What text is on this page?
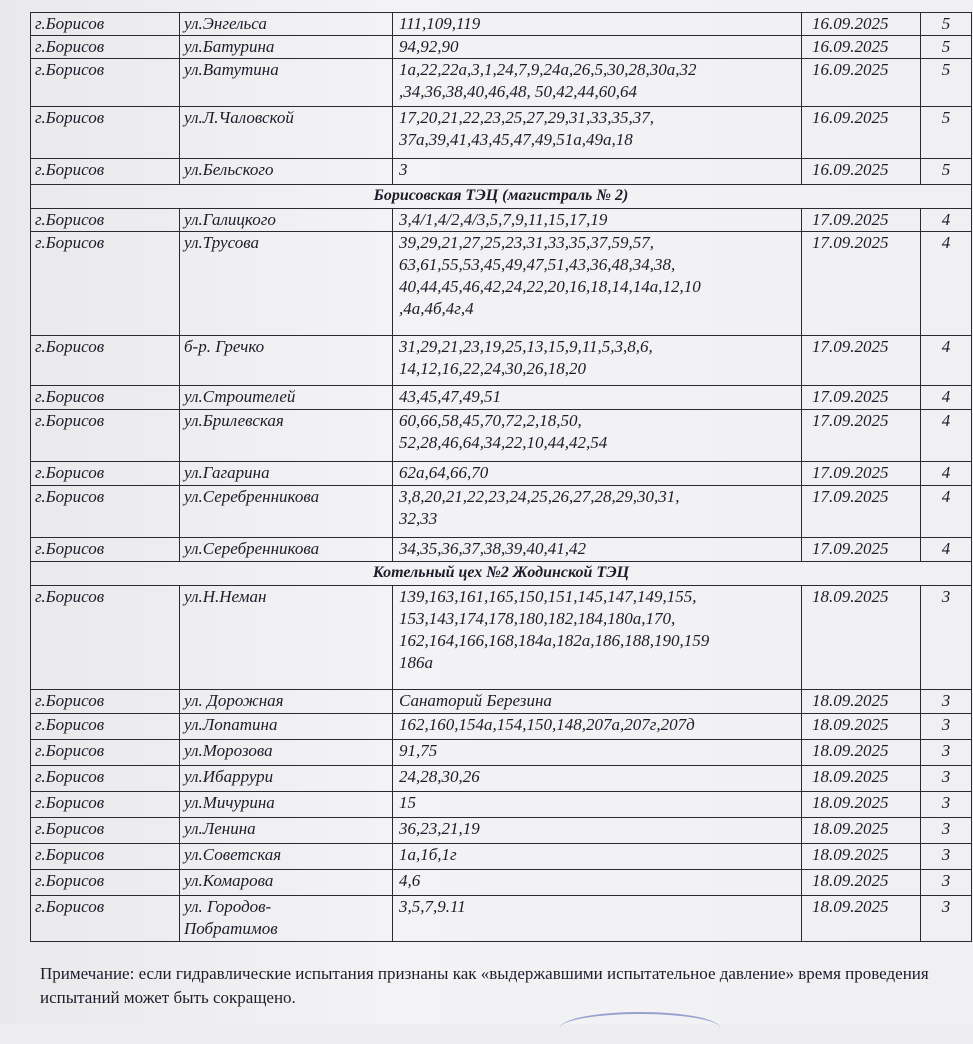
г.Борисов	ул.Энгельса	111,109,119	16.09.2025	5
г.Борисов	ул.Батурина	94,92,90	16.09.2025	5
г.Борисов	ул.Ватутина	1а,22,22а,3,1,24,7,9,24а,26,5,30,28,30а,32
,34,36,38,40,46,48, 50,42,44,60,64	16.09.2025	5
г.Борисов	ул.Л.Чаловской	17,20,21,22,23,25,27,29,31,33,35,37,
37а,39,41,43,45,47,49,51а,49а,18	16.09.2025	5
г.Борисов	ул.Бельского	3	16.09.2025	5
Борисовская ТЭЦ (магистраль № 2)				
г.Борисов	ул.Галицкого	3,4/1,4/2,4/3,5,7,9,11,15,17,19	17.09.2025	4
г.Борисов	ул.Трусова	39,29,21,27,25,23,31,33,35,37,59,57,
63,61,55,53,45,49,47,51,43,36,48,34,38,
40,44,45,46,42,24,22,20,16,18,14,14а,12,10
,4а,4б,4г,4	17.09.2025	4
г.Борисов	б-р. Гречко	31,29,21,23,19,25,13,15,9,11,5,3,8,6,
14,12,16,22,24,30,26,18,20	17.09.2025	4
г.Борисов	ул.Строителей	43,45,47,49,51	17.09.2025	4
г.Борисов	ул.Брилевская	60,66,58,45,70,72,2,18,50,
52,28,46,64,34,22,10,44,42,54	17.09.2025	4
г.Борисов	ул.Гагарина	62а,64,66,70	17.09.2025	4
г.Борисов	ул.Серебренникова	3,8,20,21,22,23,24,25,26,27,28,29,30,31,
32,33	17.09.2025	4
г.Борисов	ул.Серебренникова	34,35,36,37,38,39,40,41,42	17.09.2025	4
Котельный цех №2 Жодинской ТЭЦ				
г.Борисов	ул.Н.Неман	139,163,161,165,150,151,145,147,149,155,
153,143,174,178,180,182,184,180а,170,
162,164,166,168,184а,182а,186,188,190,159
186а	18.09.2025	3
г.Борисов	ул. Дорожная	Санаторий Березина	18.09.2025	3
г.Борисов	ул.Лопатина	162,160,154а,154,150,148,207а,207г,207д	18.09.2025	3
г.Борисов	ул.Морозова	91,75	18.09.2025	3
г.Борисов	ул.Ибаррури	24,28,30,26	18.09.2025	3
г.Борисов	ул.Мичурина	15	18.09.2025	3
г.Борисов	ул.Ленина	36,23,21,19	18.09.2025	3
г.Борисов	ул.Советская	1а,1б,1г	18.09.2025	3
г.Борисов	ул.Комарова	4,6	18.09.2025	3
г.Борисов	ул. Городов-
Побратимов	3,5,7,9.11	18.09.2025	3
Примечание: если гидравлические испытания признаны как «выдержавшими испытательное давление» время проведения испытаний может быть сокращено.
